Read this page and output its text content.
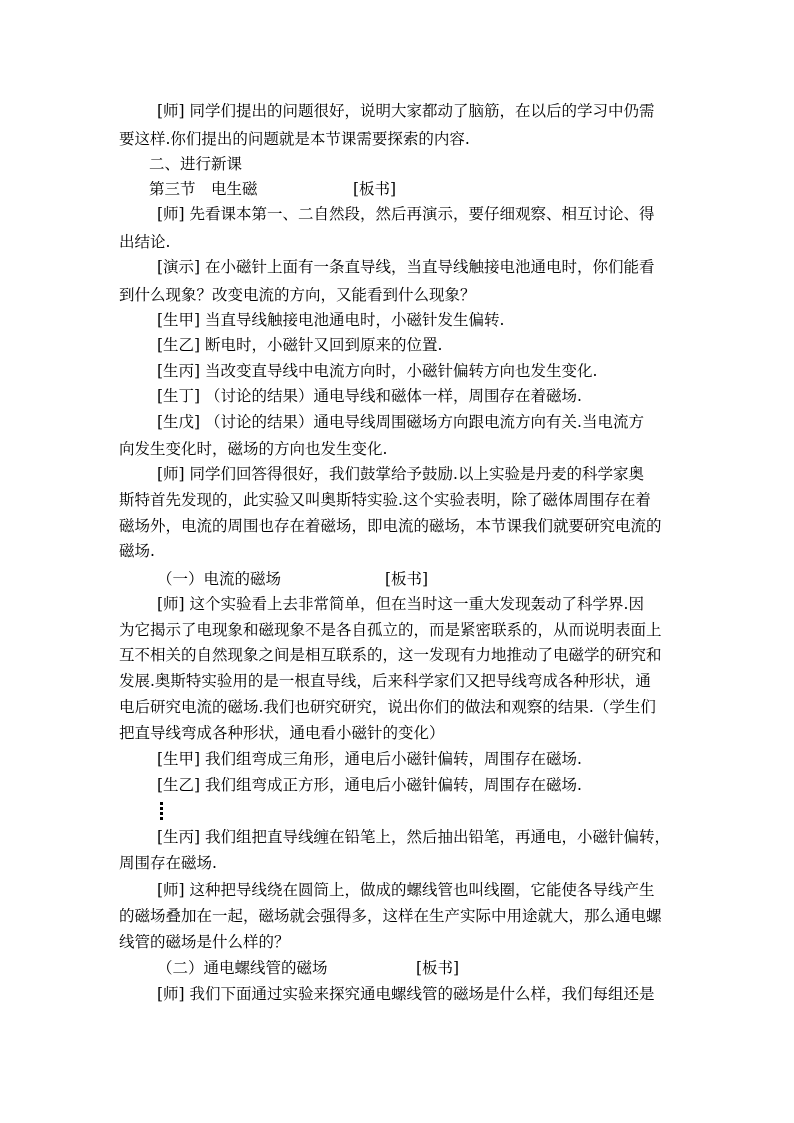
[师] 同学们提出的问题很好，说明大家都动了脑筋，在以后的学习中仍需
要这样.你们提出的问题就是本节课需要探索的内容.
二、进行新课
第三节　电生磁	[板书]
[师] 先看课本第一、二自然段，然后再演示，要仔细观察、相互讨论、得
出结论.
[演示] 在小磁针上面有一条直导线，当直导线触接电池通电时，你们能看
到什么现象？改变电流的方向，又能看到什么现象？
[生甲] 当直导线触接电池通电时，小磁针发生偏转.
[生乙] 断电时，小磁针又回到原来的位置.
[生丙] 当改变直导线中电流方向时，小磁针偏转方向也发生变化.
[生丁] （讨论的结果）通电导线和磁体一样，周围存在着磁场.
[生戊] （讨论的结果）通电导线周围磁场方向跟电流方向有关.当电流方
向发生变化时，磁场的方向也发生变化.
[师] 同学们回答得很好，我们鼓掌给予鼓励.以上实验是丹麦的科学家奥
斯特首先发现的，此实验又叫奥斯特实验.这个实验表明，除了磁体周围存在着
磁场外，电流的周围也存在着磁场，即电流的磁场，本节课我们就要研究电流的
磁场.
（一）电流的磁场	[板书]
[师] 这个实验看上去非常简单，但在当时这一重大发现轰动了科学界.因
为它揭示了电现象和磁现象不是各自孤立的，而是紧密联系的，从而说明表面上
互不相关的自然现象之间是相互联系的，这一发现有力地推动了电磁学的研究和
发展.奥斯特实验用的是一根直导线，后来科学家们又把导线弯成各种形状，通
电后研究电流的磁场.我们也研究研究，说出你们的做法和观察的结果.（学生们
把直导线弯成各种形状，通电看小磁针的变化）
[生甲] 我们组弯成三角形，通电后小磁针偏转，周围存在磁场.
[生乙] 我们组弯成正方形，通电后小磁针偏转，周围存在磁场.
[生丙] 我们组把直导线缠在铅笔上，然后抽出铅笔，再通电，小磁针偏转，
周围存在磁场.
[师] 这种把导线绕在圆筒上，做成的螺线管也叫线圈，它能使各导线产生
的磁场叠加在一起，磁场就会强得多，这样在生产实际中用途就大，那么通电螺
线管的磁场是什么样的？
（二）通电螺线管的磁场	[板书]
[师] 我们下面通过实验来探究通电螺线管的磁场是什么样，我们每组还是
